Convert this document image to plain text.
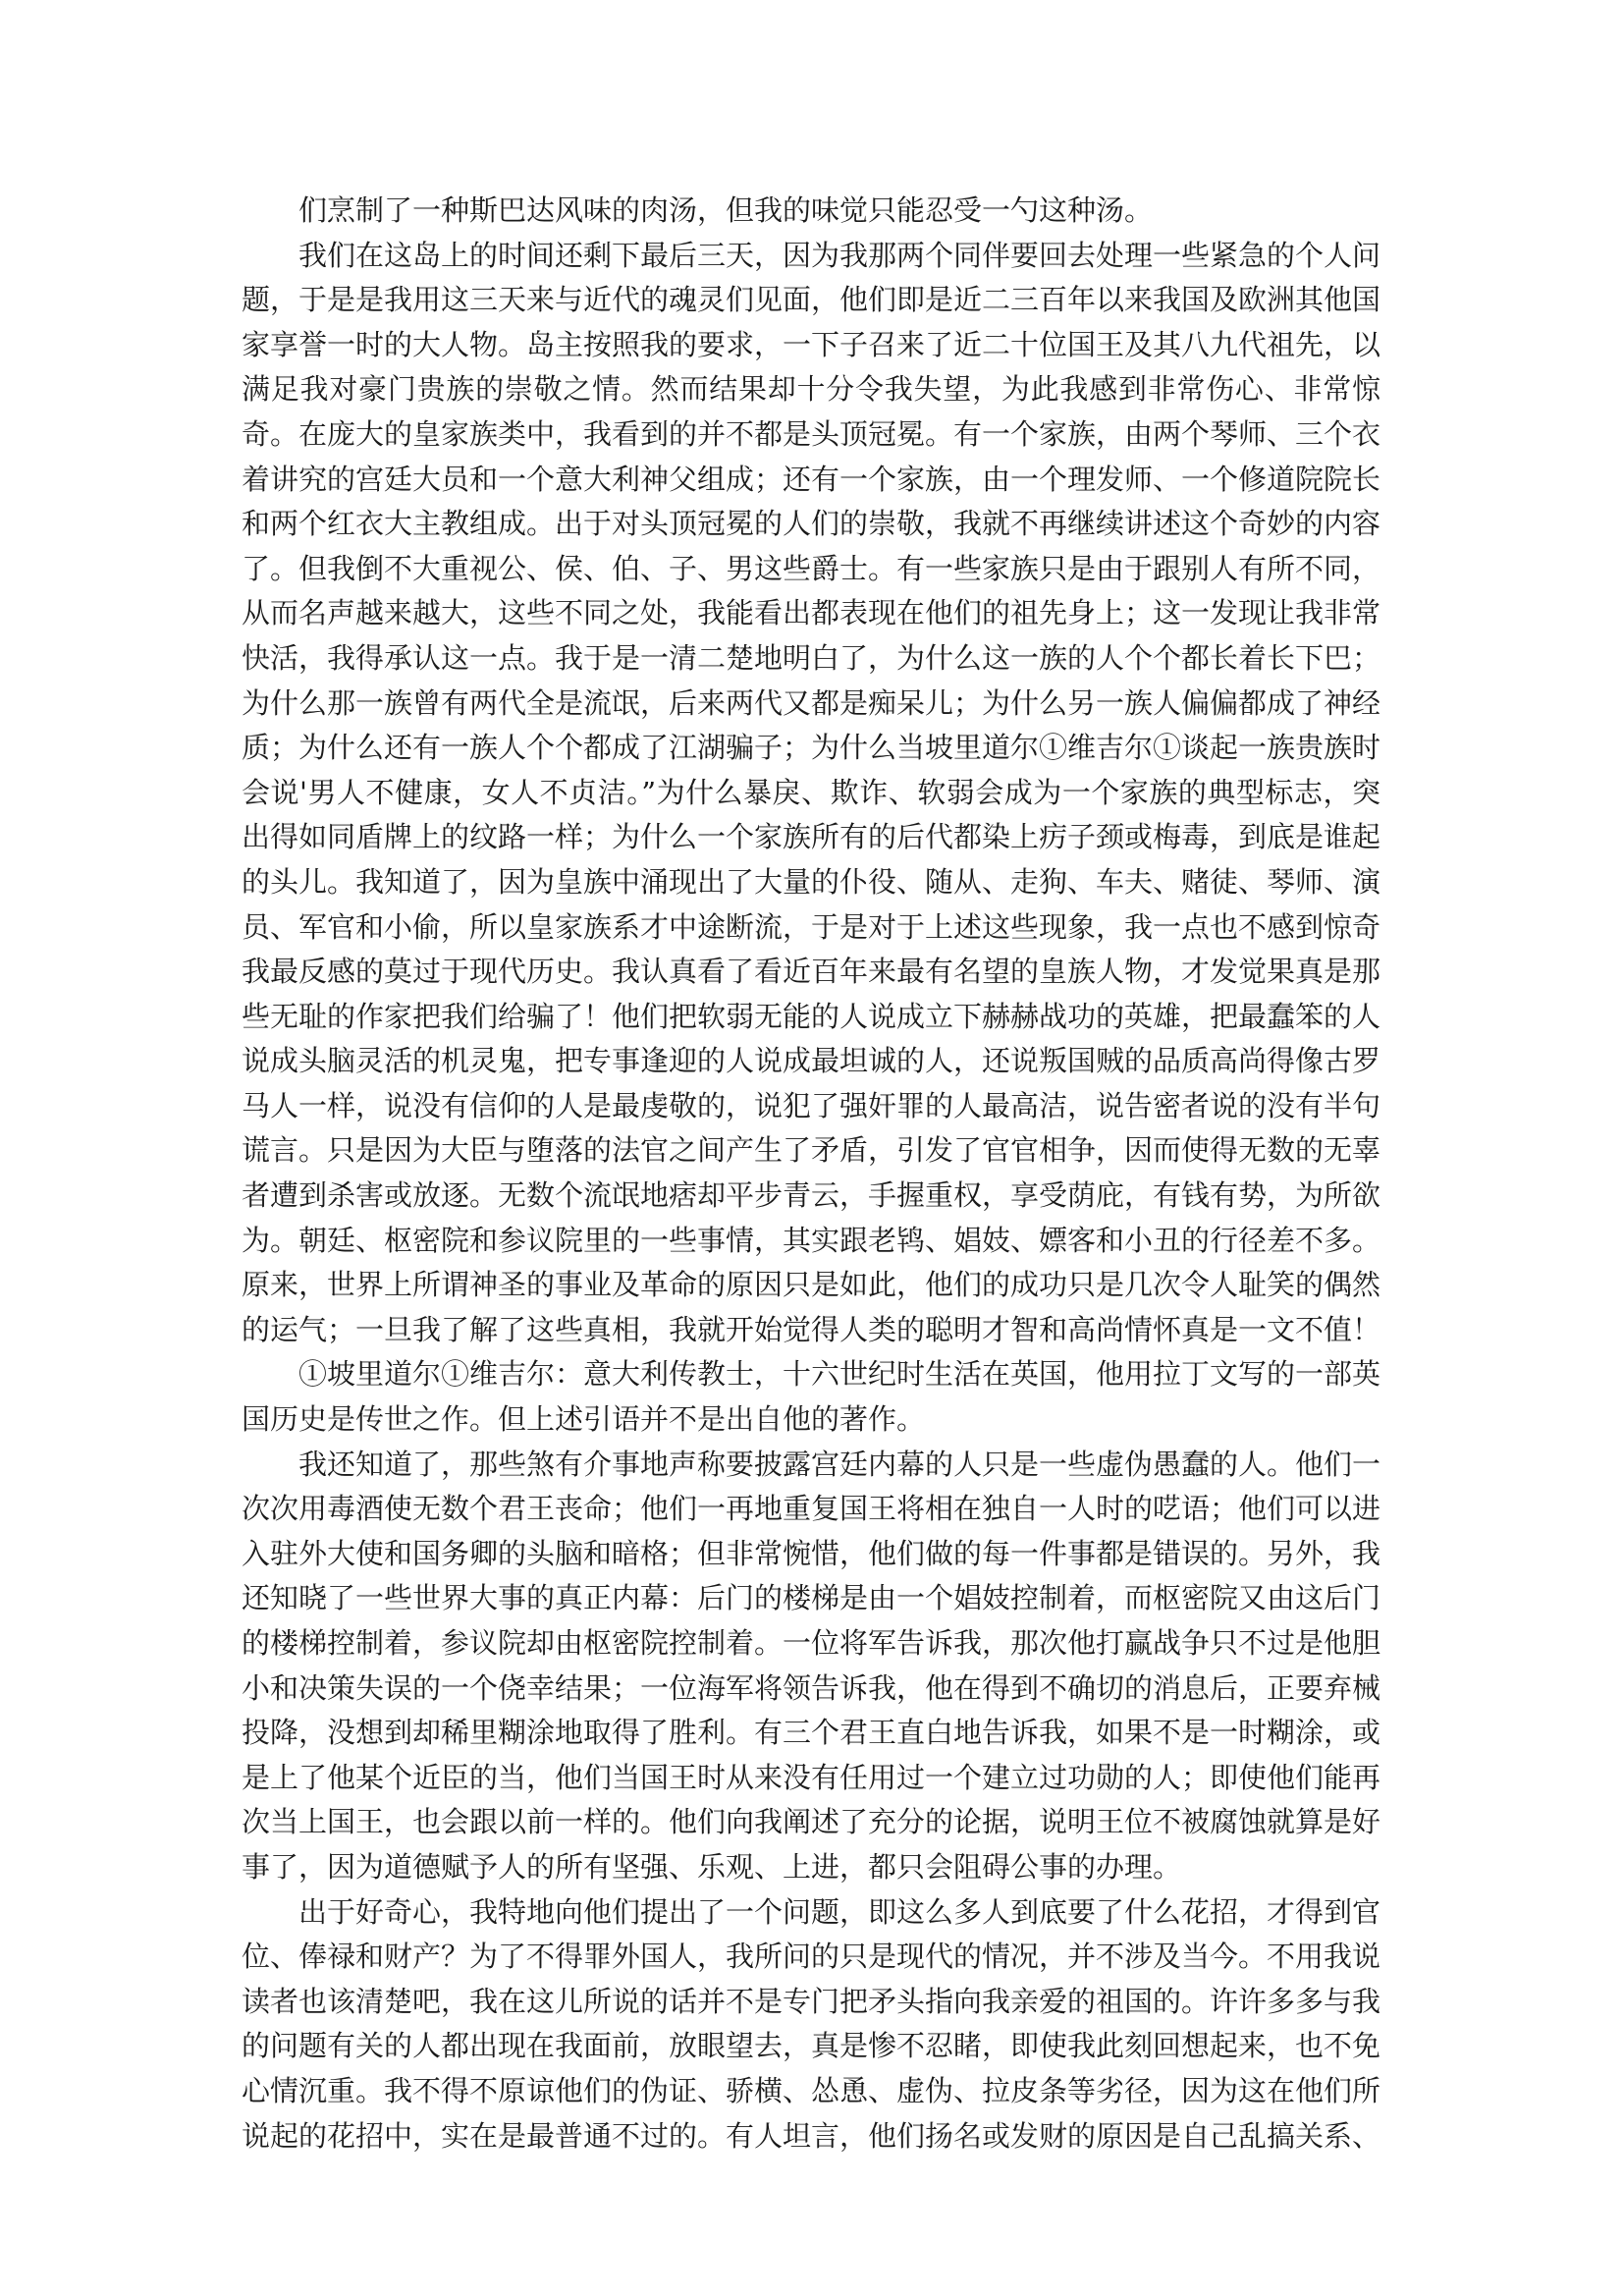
们烹制了一种斯巴达风味的肉汤，但我的味觉只能忍受一勺这种汤。

我们在这岛上的时间还剩下最后三天，因为我那两个同伴要回去处理一些紧急的个人问题，于是是我用这三天来与近代的魂灵们见面，他们即是近二三百年以来我国及欧洲其他国家享誉一时的大人物。岛主按照我的要求，一下子召来了近二十位国王及其八九代祖先，以满足我对豪门贵族的崇敬之情。然而结果却十分令我失望，为此我感到非常伤心、非常惊奇。在庞大的皇家族类中，我看到的并不都是头顶冠冕。有一个家族，由两个琴师、三个衣着讲究的宫廷大员和一个意大利神父组成；还有一个家族，由一个理发师、一个修道院院长和两个红衣大主教组成。出于对头顶冠冕的人们的崇敬，我就不再继续讲述这个奇妙的内容了。但我倒不大重视公、侯、伯、子、男这些爵士。有一些家族只是由于跟别人有所不同，从而名声越来越大，这些不同之处，我能看出都表现在他们的祖先身上；这一发现让我非常快活，我得承认这一点。我于是一清二楚地明白了，为什么这一族的人个个都长着长下巴；为什么那一族曾有两代全是流氓，后来两代又都是痴呆儿；为什么另一族人偏偏都成了神经质；为什么还有一族人个个都成了江湖骗子；为什么当坡里道尔①维吉尔①谈起一族贵族时会说'男人不健康，女人不贞洁。”为什么暴戾、欺诈、软弱会成为一个家族的典型标志，突出得如同盾牌上的纹路一样；为什么一个家族所有的后代都染上疠子颈或梅毒，到底是谁起的头儿。我知道了，因为皇族中涌现出了大量的仆役、随从、走狗、车夫、赌徒、琴师、演员、军官和小偷，所以皇家族系才中途断流，于是对于上述这些现象，我一点也不感到惊奇我最反感的莫过于现代历史。我认真看了看近百年来最有名望的皇族人物，才发觉果真是那些无耻的作家把我们给骗了！他们把软弱无能的人说成立下赫赫战功的英雄，把最蠢笨的人说成头脑灵活的机灵鬼，把专事逢迎的人说成最坦诚的人，还说叛国贼的品质高尚得像古罗马人一样，说没有信仰的人是最虔敬的，说犯了强奸罪的人最高洁，说告密者说的没有半句谎言。只是因为大臣与堕落的法官之间产生了矛盾，引发了官官相争，因而使得无数的无辜者遭到杀害或放逐。无数个流氓地痞却平步青云，手握重权，享受荫庇，有钱有势，为所欲为。朝廷、枢密院和参议院里的一些事情，其实跟老鸨、娼妓、嫖客和小丑的行径差不多。原来，世界上所谓神圣的事业及革命的原因只是如此，他们的成功只是几次令人耻笑的偶然的运气；一旦我了解了这些真相，我就开始觉得人类的聪明才智和高尚情怀真是一文不值！

①坡里道尔①维吉尔：意大利传教士，十六世纪时生活在英国，他用拉丁文写的一部英国历史是传世之作。但上述引语并不是出自他的著作。

我还知道了，那些煞有介事地声称要披露宫廷内幕的人只是一些虚伪愚蠢的人。他们一次次用毒酒使无数个君王丧命；他们一再地重复国王将相在独自一人时的呓语；他们可以进入驻外大使和国务卿的头脑和暗格；但非常惋惜，他们做的每一件事都是错误的。另外，我还知晓了一些世界大事的真正内幕：后门的楼梯是由一个娼妓控制着，而枢密院又由这后门的楼梯控制着，参议院却由枢密院控制着。一位将军告诉我，那次他打赢战争只不过是他胆小和决策失误的一个侥幸结果；一位海军将领告诉我，他在得到不确切的消息后，正要弃械投降，没想到却稀里糊涂地取得了胜利。有三个君王直白地告诉我，如果不是一时糊涂，或是上了他某个近臣的当，他们当国王时从来没有任用过一个建立过功勋的人；即使他们能再次当上国王，也会跟以前一样的。他们向我阐述了充分的论据，说明王位不被腐蚀就算是好事了，因为道德赋予人的所有坚强、乐观、上进，都只会阻碍公事的办理。

出于好奇心，我特地向他们提出了一个问题，即这么多人到底要了什么花招，才得到官位、俸禄和财产？为了不得罪外国人，我所问的只是现代的情况，并不涉及当今。不用我说读者也该清楚吧，我在这儿所说的话并不是专门把矛头指向我亲爱的祖国的。许许多多与我的问题有关的人都出现在我面前，放眼望去，真是惨不忍睹，即使我此刻回想起来，也不免心情沉重。我不得不原谅他们的伪证、骄横、怂恿、虚伪、拉皮条等劣径，因为这在他们所说起的花招中，实在是最普通不过的。有人坦言，他们扬名或发财的原因是自己乱搞关系、
